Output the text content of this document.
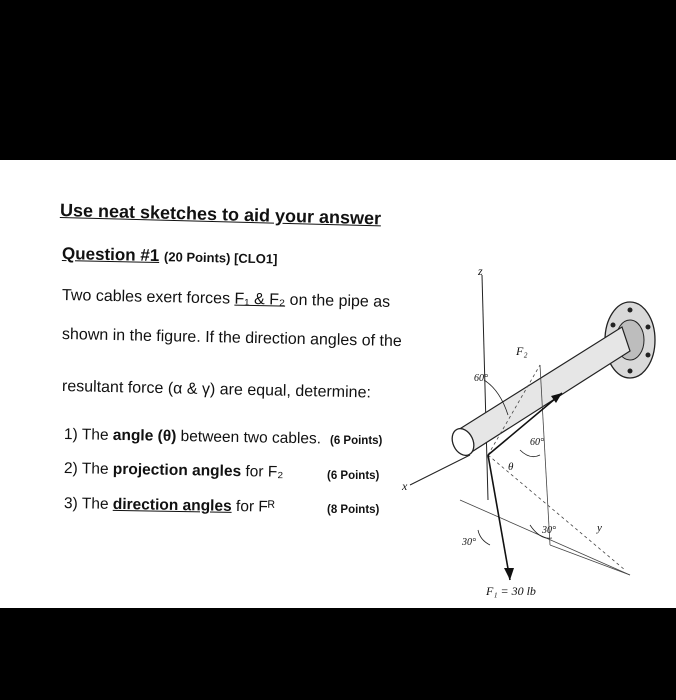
Use neat sketches to aid your answer
Question #1 (20 Points) [CLO1]
Two cables exert forces F₁ & F₂ on the pipe as
shown in the figure. If the direction angles of the
resultant force (α & γ) are equal, determine:
1) The angle (θ) between two cables. (6 Points)
2) The projection angles for F₂	(6 Points)
3) The direction angles for Fᴿ	(8 Points)
z
x
y
F₂
60°
60°
30°
30°
θ
F₁ = 30 lb
